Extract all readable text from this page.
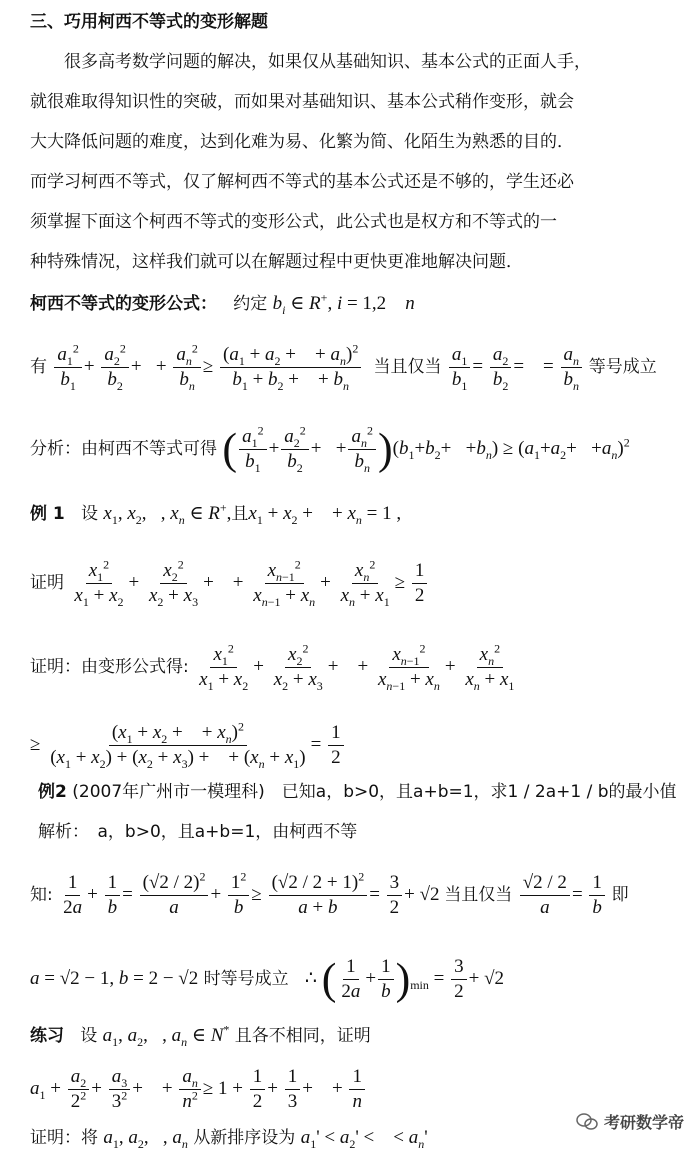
三、巧用柯西不等式的变形解题
很多高考数学问题的解决，如果仅从基础知识、基本公式的正面人手，
就很难取得知识性的突破，而如果对基础知识、基本公式稍作变形，就会
大大降低问题的难度，达到化难为易、化繁为简、化陌生为熟悉的目的．
而学习柯西不等式，仅了解柯西不等式的基本公式还是不够的，学生还必
须掌握下面这个柯西不等式的变形公式，此公式也是权方和不等式的一
种特殊情况，这样我们就可以在解题过程中更快更准地解决问题．
柯西不等式的变形公式： 约定 $b_i$ ∈ R+, i = 1,2    n
有 $\frac{a_1^2}{b_1} + \frac{a_2^2}{b_2}$ +   + $\frac{a_n^2}{b_n} \ge \frac{(a_1 + a_2 + + a_n)^2}{b_1 + b_2 + + b_n}$ 当且仅当 $\frac{a_1}{b_1} = \frac{a_2}{b_2}$ =    = $\frac{a_n}{b_n}$ 等号成立
分析：由柯西不等式可得 ( $\frac{a_1^2}{b_1} + \frac{a_2^2}{b_2}$ +   + $\frac{a_n^2}{b_n} )(b_1+b_2+ +b_n) \ge (a_1+a_2+ +a_n)^2$
例 1 设 $x_1$, $x_2$,   , $x_n$ ∈ R+,且$x_1 + x_2$ +    + $x_n = 1$ ,
证明 $\frac{x_1^2}{x_1 + x_2} + \frac{x_2^2}{x_2 + x_3}$ +    + $\frac{x_{n-1}^2}{x_{n-1} + x_n} + \frac{x_n^2}{x_n + x_1} \ge \frac{1}{2}$
证明：由变形公式得: $\frac{x_1^2}{x_1 + x_2} + \frac{x_2^2}{x_2 + x_3}$ +    + $\frac{x_{n-1}^2}{x_{n-1} + x_n} + \frac{x_n^2}{x_n + x_1}$
≥ $\frac{(x_1 + x_2 + + x_n)^2}{(x_1 + x_2) + (x_2 + x_3) + + (x_n + x_1)} = \frac{1}{2}$
例2 (2007年广州市一模理科)　已知a，b>0，且a+b=1，求1 / 2a+1 / b的最小值
解析：　a，b>0，且a+b=1，由柯西不等
知: $\frac{1}{2a} + \frac{1}{b} = \frac{(√2 / 2)^2}{a} + \frac{1^2}{b} \ge \frac{(√2 / 2 + 1)^2}{a + b} = \frac{3}{2} + √2$ 当且仅当 $\frac{√2 / 2}{a} = \frac{1}{b}$ 即
a = √2 − 1, b = 2 − √2 时等号成立 ∴ ( $\frac{1}{2a} + \frac{1}{b} )_{min} = \frac{3}{2} + √2$
练习 设 $a_1$, $a_2$,   , $a_n$ ∈ N* 且各不相同，证明
$a_1 + \frac{a_2}{2^2} + \frac{a_3}{3^2}$ +    + $\frac{a_n}{n^2} \ge 1 + \frac{1}{2} + \frac{1}{3}$ +    + $\frac{1}{n}$
证明：将 $a_1$, $a_2$,   , $a_n$ 从新排序设为 $a_1' < a_2'$ <    < $a_n'$
考研数学帝
